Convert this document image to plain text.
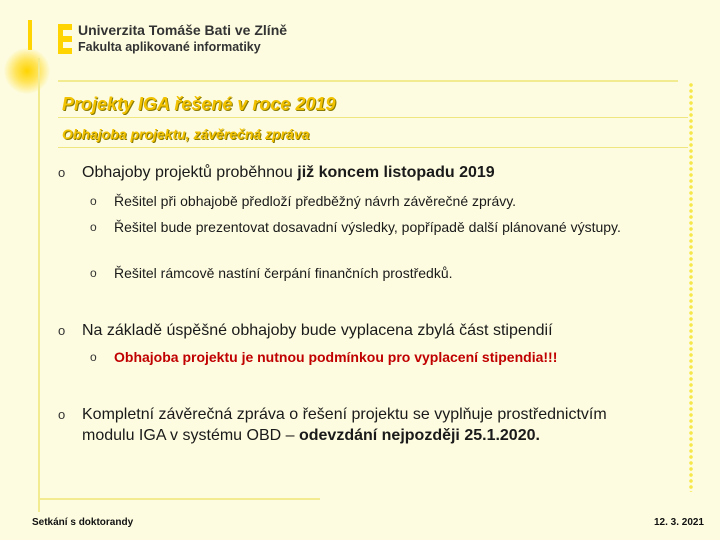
Univerzita Tomáše Bati ve Zlíně
Fakulta aplikované informatiky
Projekty IGA řešené v roce 2019
Obhajoba projektu, závěrečná zpráva
o	Obhajoby projektů proběhnou již koncem listopadu 2019
o	Řešitel při obhajobě předloží předběžný návrh závěrečné zprávy.
o	Řešitel bude prezentovat dosavadní výsledky, popřípadě další plánované výstupy.
o	Řešitel rámcově nastíní čerpání finančních prostředků.
o	Na základě úspěšné obhajoby bude vyplacena zbylá část stipendií
o	Obhajoba projektu je nutnou podmínkou pro vyplacení stipendia!!!
o	Kompletní závěrečná zpráva o řešení projektu se vyplňuje prostřednictvím modulu IGA v systému OBD – odevzdání nejpozději 25.1.2020.
Setkání s doktorandy	12. 3. 2021
